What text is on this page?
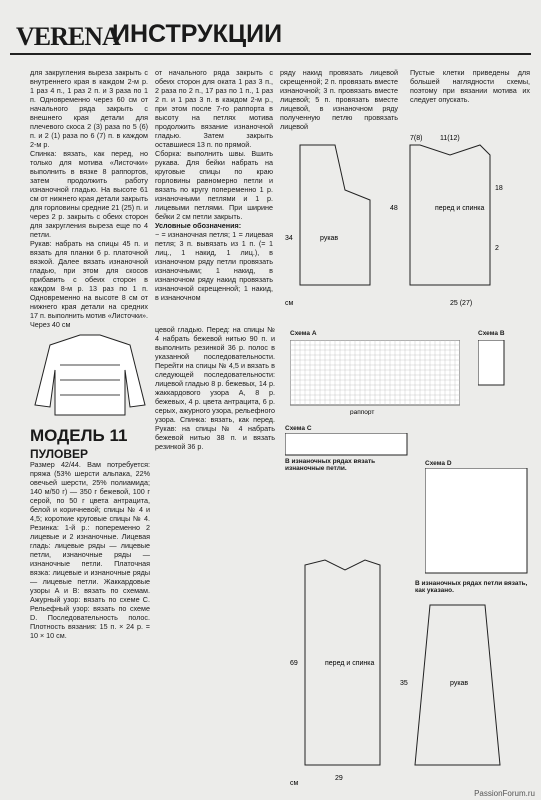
VERENA
ИНСТРУКЦИИ

для закругления выреза закрыть с внутреннего края в каждом 2-м р. 1 раз 4 п., 1 раз 2 п. и 3 раза по 1 п. Одновременно через 60 см от начального ряда закрыть с внешнего края детали для плечевого скоса 2 (3) раза по 5 (6) п. и 2 (1) раза по 6 (7) п. в каждом 2-м р.

Спинка: вязать, как перед, но только для мотива «Листочки» выполнить в вязке 8 раппортов, затем продолжить работу изнаночной гладью. На высоте 61 см от нижнего края детали закрыть для горловины средние 21 (25) п. и через 2 р. закрыть с обеих сторон для закругления выреза еще по 4 петли.

Рукав: набрать на спицы 45 п. и вязать для планки 6 р. платочной вязкой. Далее вязать изнаночной гладью, при этом для скосов прибавить с обеих сторон в каждом 8-м р. 13 раз по 1 п. Одновременно на высоте 8 см от нижнего края детали на средних 17 п. выполнить мотив «Листочки». Через 40 см

от начального ряда закрыть с обеих сторон для оката 1 раз 3 п., 2 раза по 2 п., 17 раз по 1 п., 1 раз 2 п. и 1 раз 3 п. в каждом 2-м р., при этом после 7-го раппорта в высоту на петлях мотива продолжить вязание изнаночной гладью. Затем закрыть оставшиеся 13 п. по прямой.

Сборка: выполнить швы. Вшить рукава. Для бейки набрать на круговые спицы по краю горловины равномерно петли и вязать по кругу попеременно 1 р. изнаночными петлями и 1 р. лицевыми петлями. При ширине бейки 2 см петли закрыть.

Условные обозначения:

− = изнаночная петля; 1 = лицевая петля; 3 п. вывязать из 1 п. (= 1 лиц., 1 накид, 1 лиц.), в изнаночном ряду петли провязать изнаночными; 1 накид, в изнаночном ряду накид провязать изнаночной скрещенной; 1 накид, в изнаночном

ряду накид провязать лицевой скрещенной; 2 п. провязать вместе изнаночной; 3 п. провязать вместе лицевой; 5 п. провязать вместе лицевой, в изнаночном ряду полученную петлю провязать лицевой

Пустые клетки приведены для большей наглядности схемы, поэтому при вязании мотива их следует опускать.

рукав
перед и спинка
см	25 (27)
18
2
48
34
7(8)	11(12)
МОДЕЛЬ 11
ПУЛОВЕР

Размер 42/44. Вам потребуется: пряжа (53% шерсти альпака, 22% овечьей шерсти, 25% полиамида; 140 м/50 г) — 350 г бежевой, 100 г серой, по 50 г цвета антрацита, белой и коричневой; спицы № 4 и 4,5; короткие круговые спицы № 4. Резинка: 1-й р.: попеременно 2 лицевые и 2 изнаночные. Лицевая гладь: лицевые ряды — лицевые петли, изнаночные ряды — изнаночные петли. Платочная вязка: лицевые и изнаночные ряды — лицевые петли. Жаккардовые узоры А и В: вязать по схемам. Ажурный узор: вязать по схеме С. Рельефный узор: вязать по схеме D. Последовательность полос. Плотность вязания: 15 п. × 24 р. = 10 × 10 см.

цевой гладью. Перед: на спицы № 4 набрать бежевой нитью 90 п. и выполнить резинкой 36 р. полос в указанной последовательности. Перейти на спицы № 4,5 и вязать в следующей последовательности: лицевой гладью 8 р. бежевых, 14 р. жаккардового узора А, 8 р. бежевых, 4 р. цвета антрацита, 6 р. серых, ажурного узора, рельефного узора. Спинка: вязать, как перед. Рукав: на спицы № 4 набрать бежевой нитью 38 п. и вязать резинкой 36 р.

Схема А
раппорт
Схема B
Схема C
В изнаночных рядах вязать изнаночные петли.
Схема D
В изнаночных рядах петли вязать, как указано.
перед и спинка
рукав
69
29
35
см
PassionForum.ru
